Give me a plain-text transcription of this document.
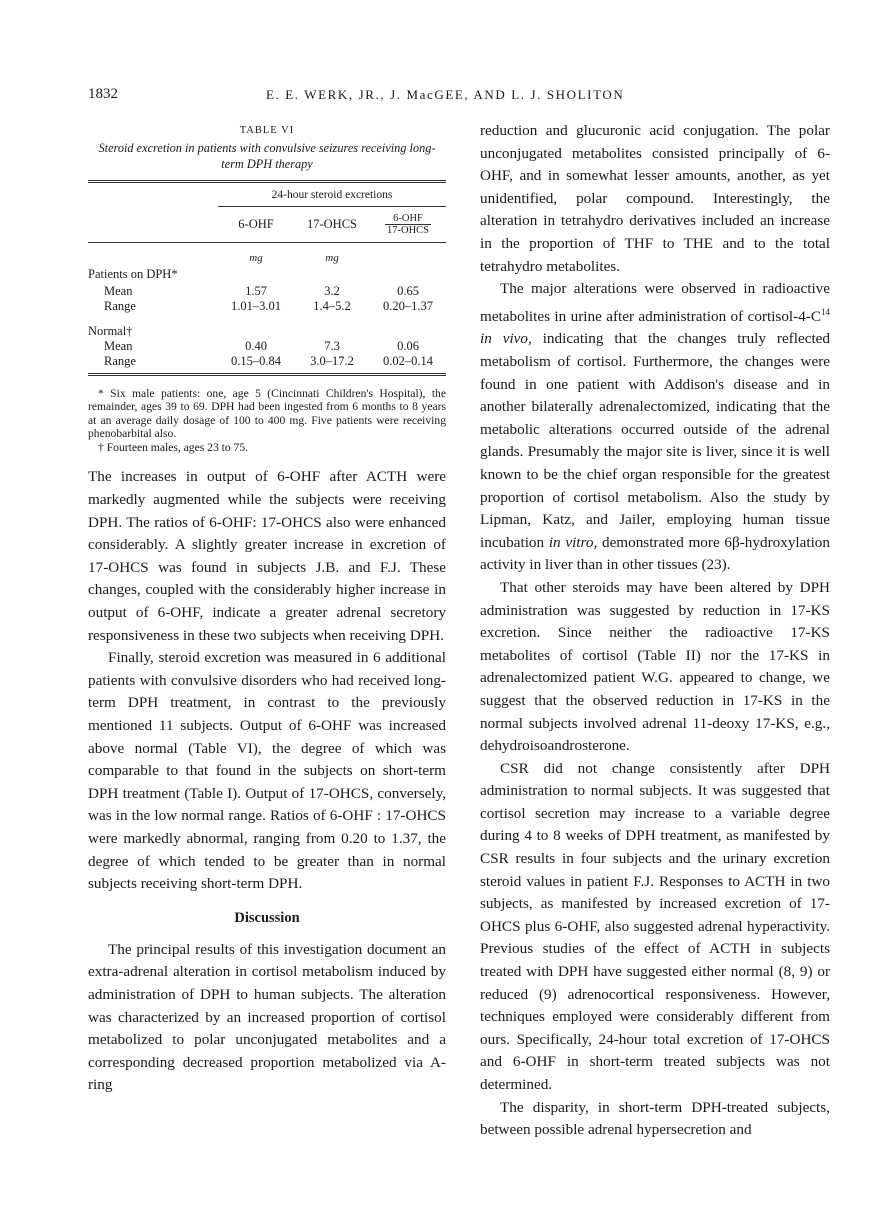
1832	E. E. WERK, JR., J. MacGEE, AND L. J. SHOLITON
TABLE VI
Steroid excretion in patients with convulsive seizures receiving long-term DPH therapy

	24-hour steroid excretions		

	6-OHF	17-OHCS	$\frac{\text{6-OHF}}{\text{17-OHCS}}$

	mg	mg	
Patients on DPH*			
Mean	1.57	3.2	0.65
Range	1.01–3.01	1.4–5.2	0.20–1.37

Normal†			
Mean	0.40	7.3	0.06
Range	0.15–0.84	3.0–17.2	0.02–0.14

* Six male patients: one, age 5 (Cincinnati Children's Hospital), the remainder, ages 39 to 69. DPH had been ingested from 6 months to 8 years at an average daily dosage of 100 to 400 mg. Five patients were receiving phenobarbital also.

† Fourteen males, ages 23 to 75.

The increases in output of 6-OHF after ACTH were markedly augmented while the subjects were receiving DPH. The ratios of 6-OHF: 17-OHCS also were enhanced considerably. A slightly greater increase in excretion of 17-OHCS was found in subjects J.B. and F.J. These changes, coupled with the considerably higher increase in output of 6-OHF, indicate a greater adrenal secretory responsiveness in these two subjects when receiving DPH.

Finally, steroid excretion was measured in 6 additional patients with convulsive disorders who had received long-term DPH treatment, in contrast to the previously mentioned 11 subjects. Output of 6-OHF was increased above normal (Table VI), the degree of which was comparable to that found in the subjects on short-term DPH treatment (Table I). Output of 17-OHCS, conversely, was in the low normal range. Ratios of 6-OHF : 17-OHCS were markedly abnormal, ranging from 0.20 to 1.37, the degree of which tended to be greater than in normal subjects receiving short-term DPH.

Discussion

The principal results of this investigation document an extra-adrenal alteration in cortisol metabolism induced by administration of DPH to human subjects. The alteration was characterized by an increased proportion of cortisol metabolized to polar unconjugated metabolites and a corresponding decreased proportion metabolized via A-ring

reduction and glucuronic acid conjugation. The polar unconjugated metabolites consisted principally of 6-OHF, and in somewhat lesser amounts, another, as yet unidentified, polar compound. Interestingly, the alteration in tetrahydro derivatives included an increase in the proportion of THF to THE and to the total tetrahydro metabolites.

The major alterations were observed in radioactive metabolites in urine after administration of cortisol-$4-C^{14}$ in vivo, indicating that the changes truly reflected metabolism of cortisol. Furthermore, the changes were found in one patient with Addison's disease and in another bilaterally adrenalectomized, indicating that the metabolic alterations occurred outside of the adrenal glands. Presumably the major site is liver, since it is well known to be the chief organ responsible for the greatest proportion of cortisol metabolism. Also the study by Lipman, Katz, and Jailer, employing human tissue incubation in vitro, demonstrated more 6β-hydroxylation activity in liver than in other tissues (23).

That other steroids may have been altered by DPH administration was suggested by reduction in 17-KS excretion. Since neither the radioactive 17-KS metabolites of cortisol (Table II) nor the 17-KS in adrenalectomized patient W.G. appeared to change, we suggest that the observed reduction in 17-KS in the normal subjects involved adrenal 11-deoxy 17-KS, e.g., dehydroisoandrosterone.

CSR did not change consistently after DPH administration to normal subjects. It was suggested that cortisol secretion may increase to a variable degree during 4 to 8 weeks of DPH treatment, as manifested by CSR results in four subjects and the urinary excretion steroid values in patient F.J. Responses to ACTH in two subjects, as manifested by increased excretion of 17-OHCS plus 6-OHF, also suggested adrenal hyperactivity. Previous studies of the effect of ACTH in subjects treated with DPH have suggested either normal (8, 9) or reduced (9) adrenocortical responsiveness. However, techniques employed were considerably different from ours. Specifically, 24-hour total excretion of 17-OHCS and 6-OHF in short-term treated subjects was not determined.

The disparity, in short-term DPH-treated subjects, between possible adrenal hypersecretion and
